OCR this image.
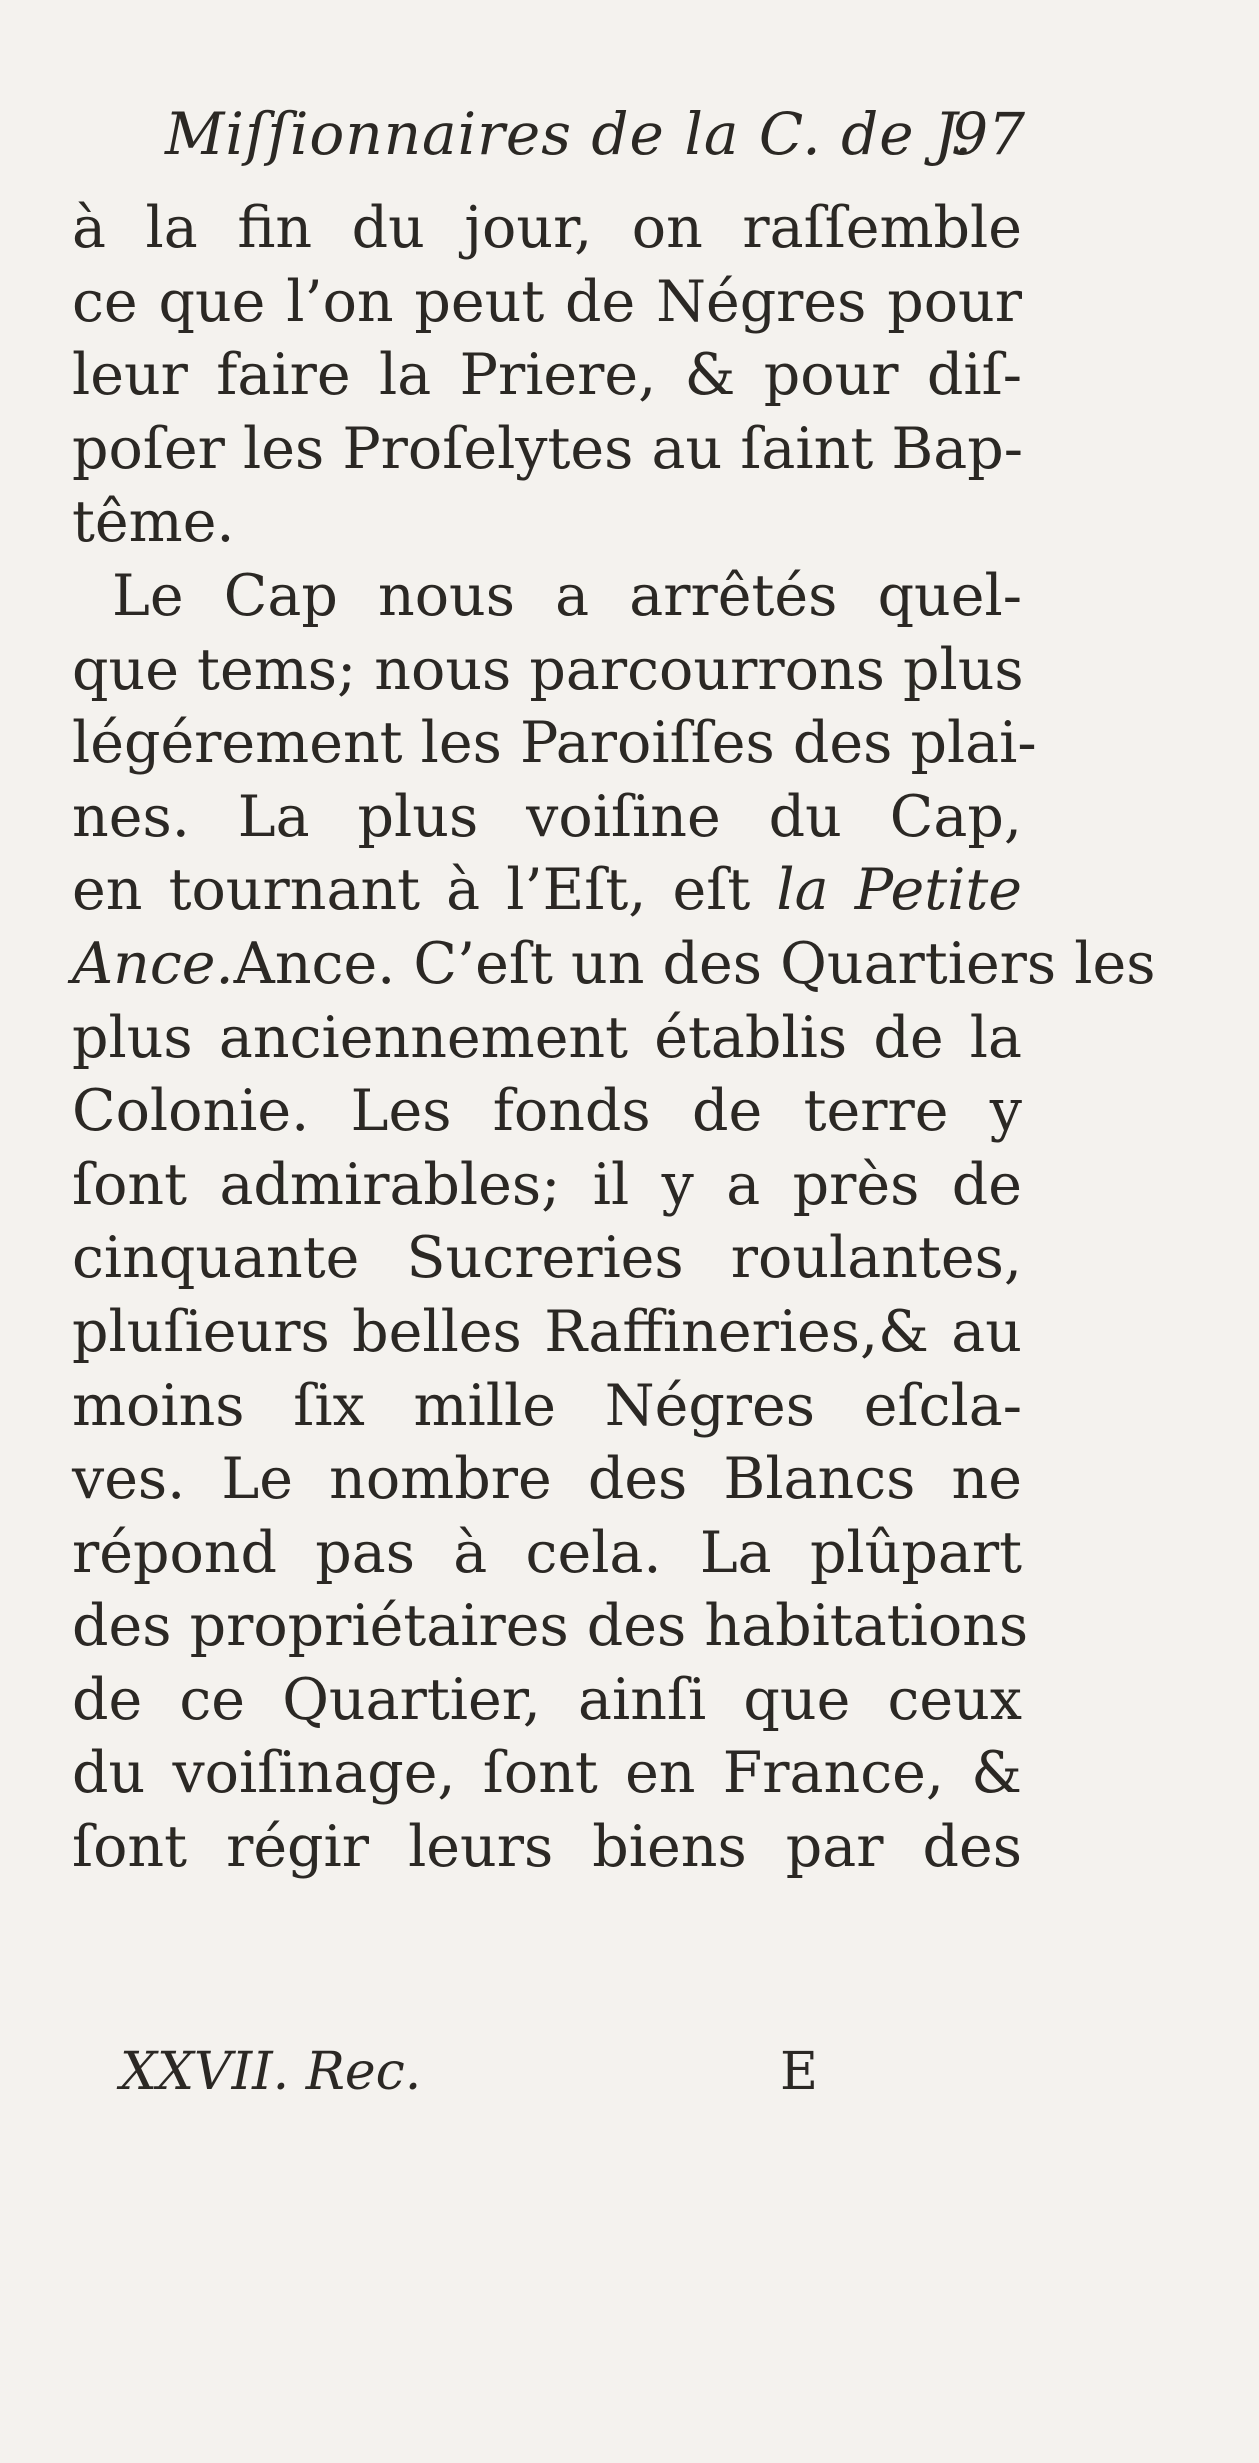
Miſſionnaires de la C. de J.
97
à la fin du jour, on raſſemble
ce que l’on peut de Négres pour
leur faire la Priere, & pour diſ-
poſer les Proſelytes au ſaint Bap-
tême.
Le Cap nous a arrêtés quel-
que tems; nous parcourrons plus
légérement les Paroiſſes des plai-
nes. La plus voiſine du Cap,
en tournant à l’Eſt, eſt la Petite
Ance.Ance. C’eſt un des Quartiers les
plus anciennement établis de la
Colonie. Les fonds de terre y
ſont admirables; il y a près de
cinquante Sucreries roulantes,
pluſieurs belles Raffineries,& au
moins ſix mille Négres eſcla-
ves. Le nombre des Blancs ne
répond pas à cela. La plûpart
des propriétaires des habitations
de ce Quartier, ainſi que ceux
du voiſinage, ſont en France, &
ſont régir leurs biens par des
XXVII. Rec.	E
